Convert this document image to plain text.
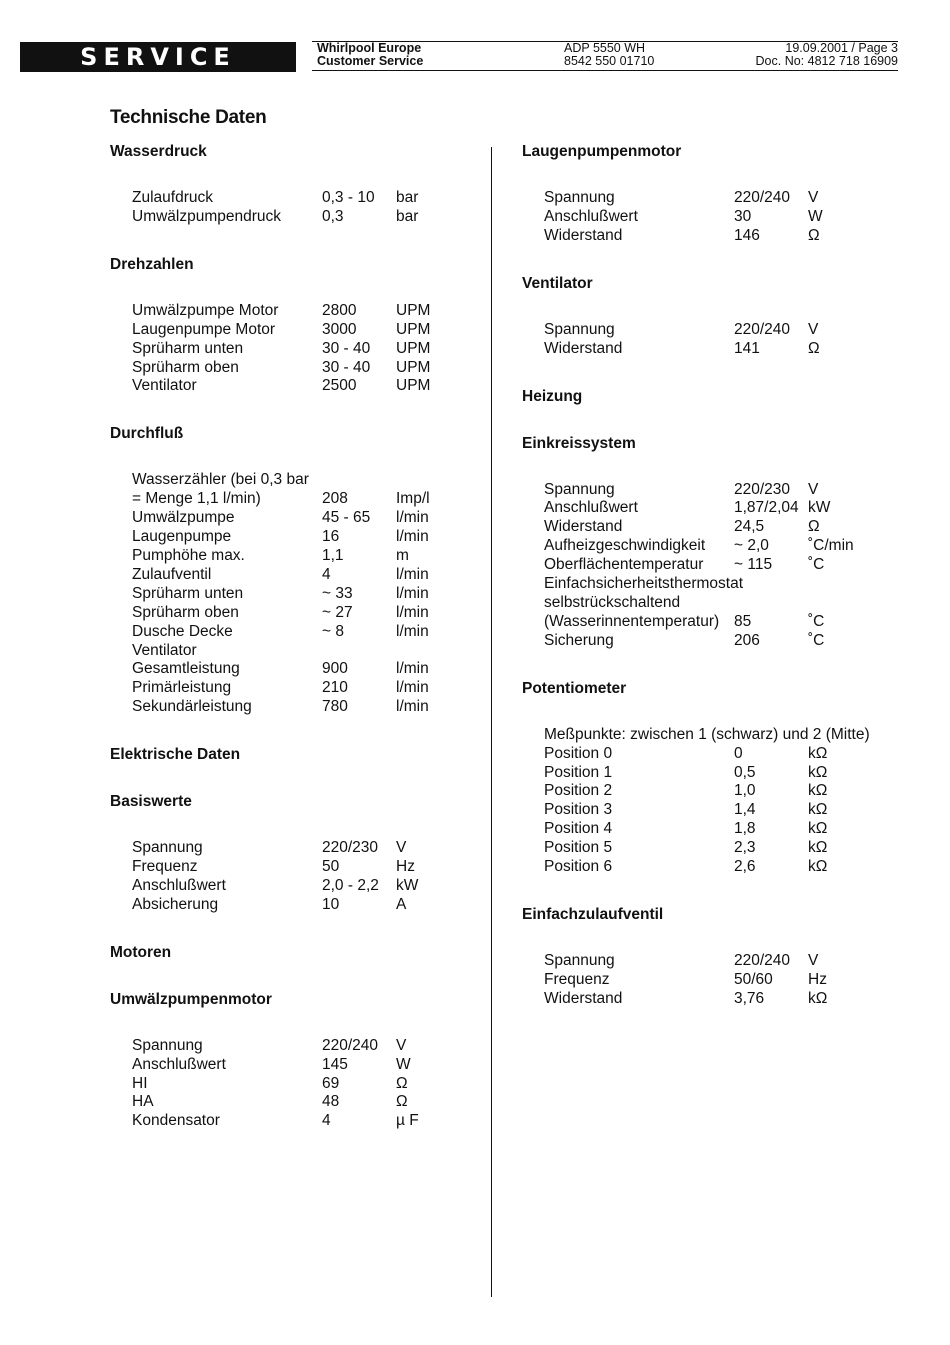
SERVICE	Whirlpool Europe
Customer Service
ADP 5550 WH
8542 550 01710
19.09.2001 / Page 3
Doc. No: 4812 718 16909
Technische Daten
Wasserdruck
Zulaufdruck	0,3 - 10	bar
Umwälzpumpendruck	0,3	bar
Drehzahlen
Umwälzpumpe Motor	2800	UPM
Laugenpumpe Motor	3000	UPM
Sprüharm unten	30 - 40	UPM
Sprüharm oben	30 - 40	UPM
Ventilator	2500	UPM
Durchfluß
Wasserzähler (bei 0,3 bar
= Menge 1,1 l/min)	208	Imp/l
Umwälzpumpe	45 - 65	l/min
Laugenpumpe	16	l/min
Pumphöhe max.	1,1	m
Zulaufventil	4	l/min
Sprüharm unten	~ 33	l/min
Sprüharm oben	~ 27	l/min
Dusche Decke	~ 8	l/min
Ventilator		
Gesamtleistung	900	l/min
Primärleistung	210	l/min
Sekundärleistung	780	l/min
Elektrische Daten
Basiswerte
Spannung	220/230	V
Frequenz	50	Hz
Anschlußwert	2,0 - 2,2	kW
Absicherung	10	A
Motoren
Umwälzpumpenmotor
Spannung	220/240	V
Anschlußwert	145	W
HI	69	Ω
HA	48	Ω
Kondensator	4	µ F
Laugenpumpenmotor
Spannung	220/240	V
Anschlußwert	30	W
Widerstand	146	Ω
Ventilator
Spannung	220/240	V
Widerstand	141	Ω
Heizung
Einkreissystem
Spannung	220/230	V
Anschlußwert	1,87/2,04	kW
Widerstand	24,5	Ω
Aufheizgeschwindigkeit	~ 2,0	˚C/min
Oberflächentemperatur	~ 115	˚C
Einfachsicherheitsthermostat
selbstrückschaltend
(Wasserinnentemperatur)	85	˚C
Sicherung	206	˚C
Potentiometer
Meßpunkte: zwischen 1 (schwarz) und 2 (Mitte)
Position 0	0	kΩ
Position 1	0,5	kΩ
Position 2	1,0	kΩ
Position 3	1,4	kΩ
Position 4	1,8	kΩ
Position 5	2,3	kΩ
Position 6	2,6	kΩ
Einfachzulaufventil
Spannung	220/240	V
Frequenz	50/60	Hz
Widerstand	3,76	kΩ
